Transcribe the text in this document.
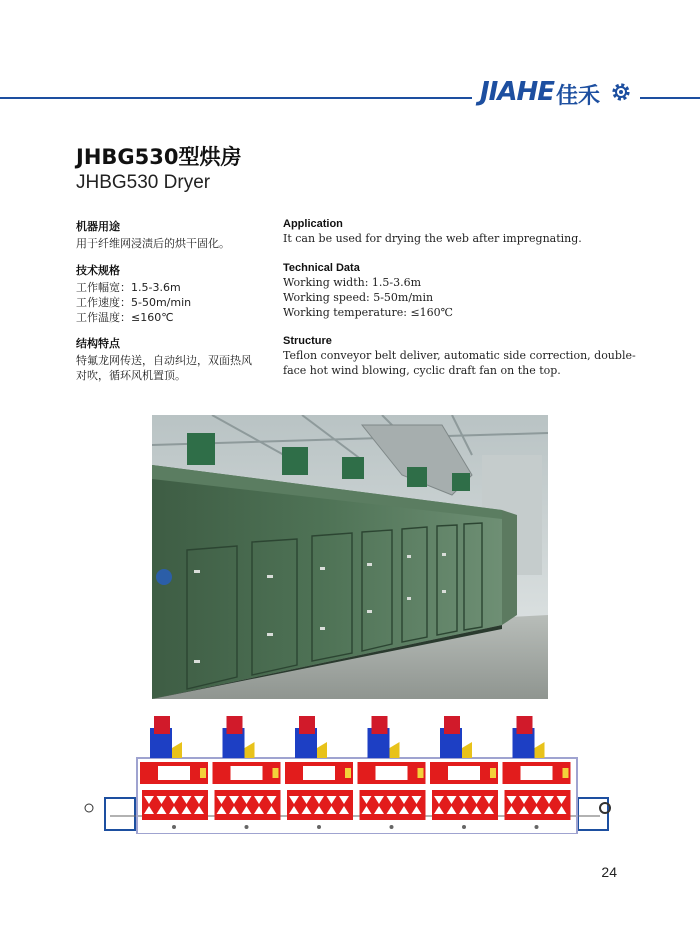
JIAHE 佳禾
JHBG530型烘房
JHBG530 Dryer
机器用途

用于纤维网浸渍后的烘干固化。

技术规格

工作幅宽：1.5-3.6m

工作速度：5-50m/min

工作温度：≤160℃

结构特点

特氟龙网传送，自动纠边，双面热风

对吹，循环风机置顶。

Application

It can be used for drying the web after impregnating.

Technical Data

Working width: 1.5-3.6m

Working speed: 5-50m/min

Working temperature: ≤160℃

Structure

Teflon conveyor belt deliver, automatic side correction, double-

face hot wind blowing, cyclic draft fan on the top.

24
